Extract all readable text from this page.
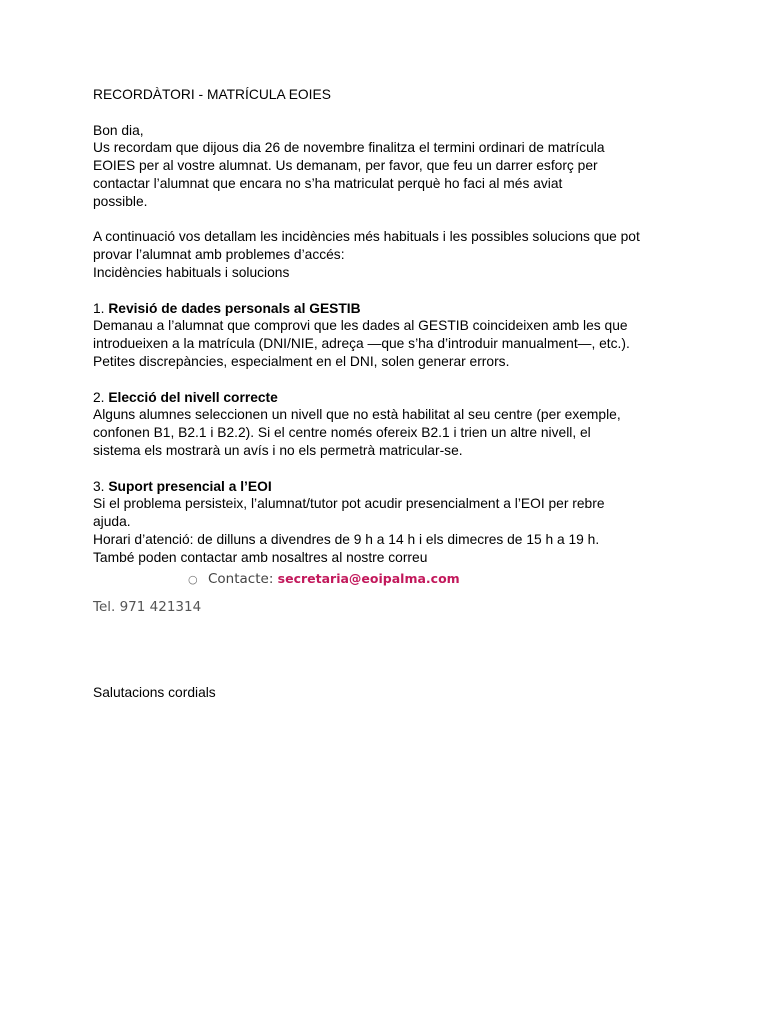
RECORDÀTORI - MATRÍCULA EOIES
Bon dia,
Us recordam que dijous dia 26 de novembre finalitza el termini ordinari de matrícula
EOIES per al vostre alumnat. Us demanam, per favor, que feu un darrer esforç per
contactar l’alumnat que encara no s’ha matriculat perquè ho faci al més aviat
possible.
A continuació vos detallam les incidències més habituals i les possibles solucions que pot
provar l’alumnat amb problemes d’accés:
Incidències habituals i solucions
1. Revisió de dades personals al GESTIB
Demanau a l’alumnat que comprovi que les dades al GESTIB coincideixen amb les que
introdueixen a la matrícula (DNI/NIE, adreça —que s’ha d’introduir manualment—, etc.).
Petites discrepàncies, especialment en el DNI, solen generar errors.
2. Elecció del nivell correcte
Alguns alumnes seleccionen un nivell que no està habilitat al seu centre (per exemple,
confonen B1, B2.1 i B2.2). Si el centre només ofereix B2.1 i trien un altre nivell, el
sistema els mostrarà un avís i no els permetrà matricular-se.
3. Suport presencial a l’EOI
Si el problema persisteix, l’alumnat/tutor pot acudir presencialment a l’EOI per rebre
ajuda.
Horari d’atenció: de dilluns a divendres de 9 h a 14 h i els dimecres de 15 h a 19 h.
També poden contactar amb nosaltres al nostre correu
○ Contacte: secretaria@eoipalma.com
Tel. 971 421314
Salutacions cordials
